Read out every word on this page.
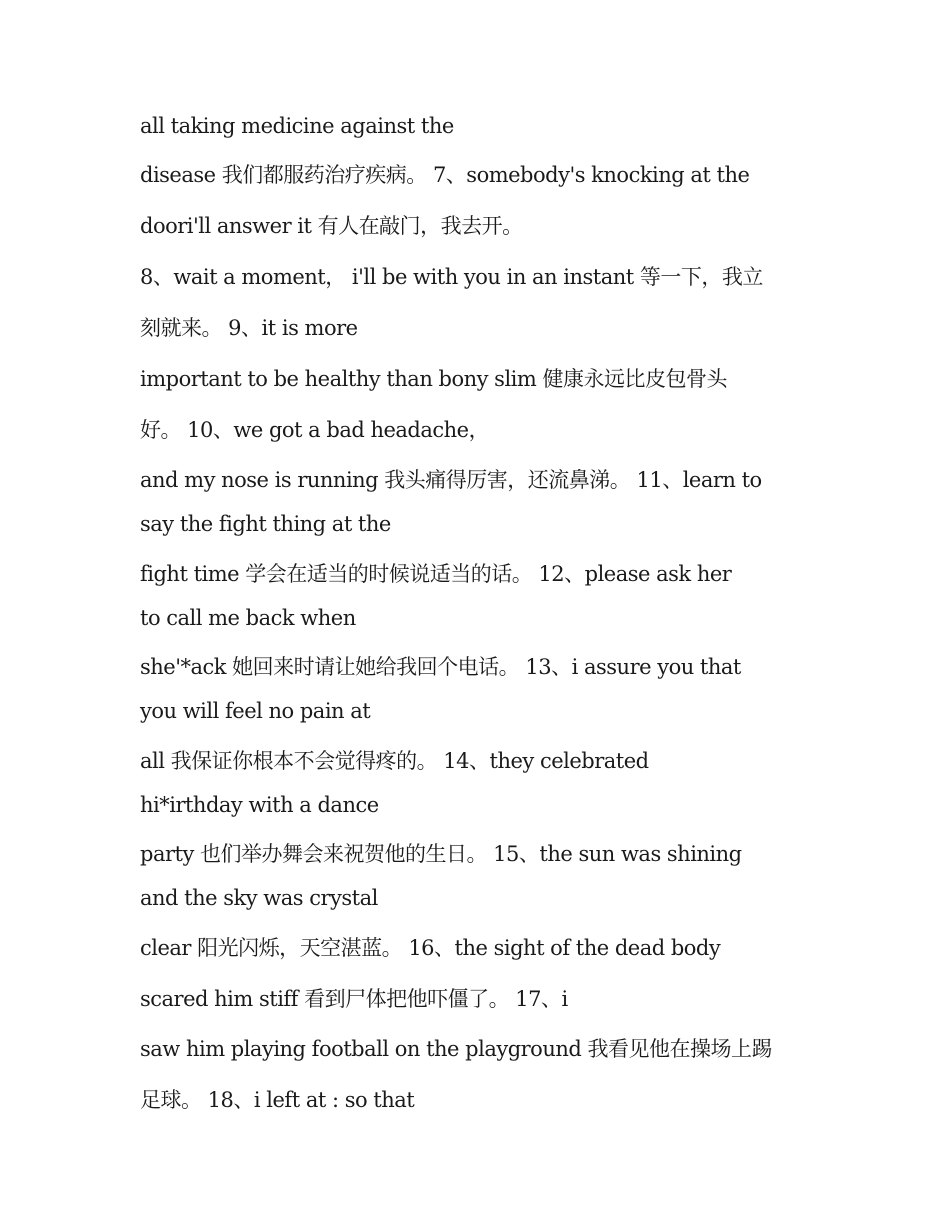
all taking medicine against the
disease 我们都服药治疗疾病。 7、somebody's knocking at the
doori'll answer it 有人在敲门，我去开。
8、wait a moment， i'll be with you in an instant 等一下，我立
刻就来。 9、it is more
important to be healthy than bony slim 健康永远比皮包骨头
好。 10、we got a bad headache，
and my nose is running 我头痛得厉害，还流鼻涕。 11、learn to
say the fight thing at the
fight time 学会在适当的时候说适当的话。 12、please ask her
to call me back when
she'*ack 她回来时请让她给我回个电话。 13、i assure you that
you will feel no pain at
all 我保证你根本不会觉得疼的。 14、they celebrated
hi*irthday with a dance
party 也们举办舞会来祝贺他的生日。 15、the sun was shining
and the sky was crystal
clear 阳光闪烁，天空湛蓝。 16、the sight of the dead body
scared him stiff 看到尸体把他吓僵了。 17、i
saw him playing football on the playground 我看见他在操场上踢
足球。 18、i left at : so that
